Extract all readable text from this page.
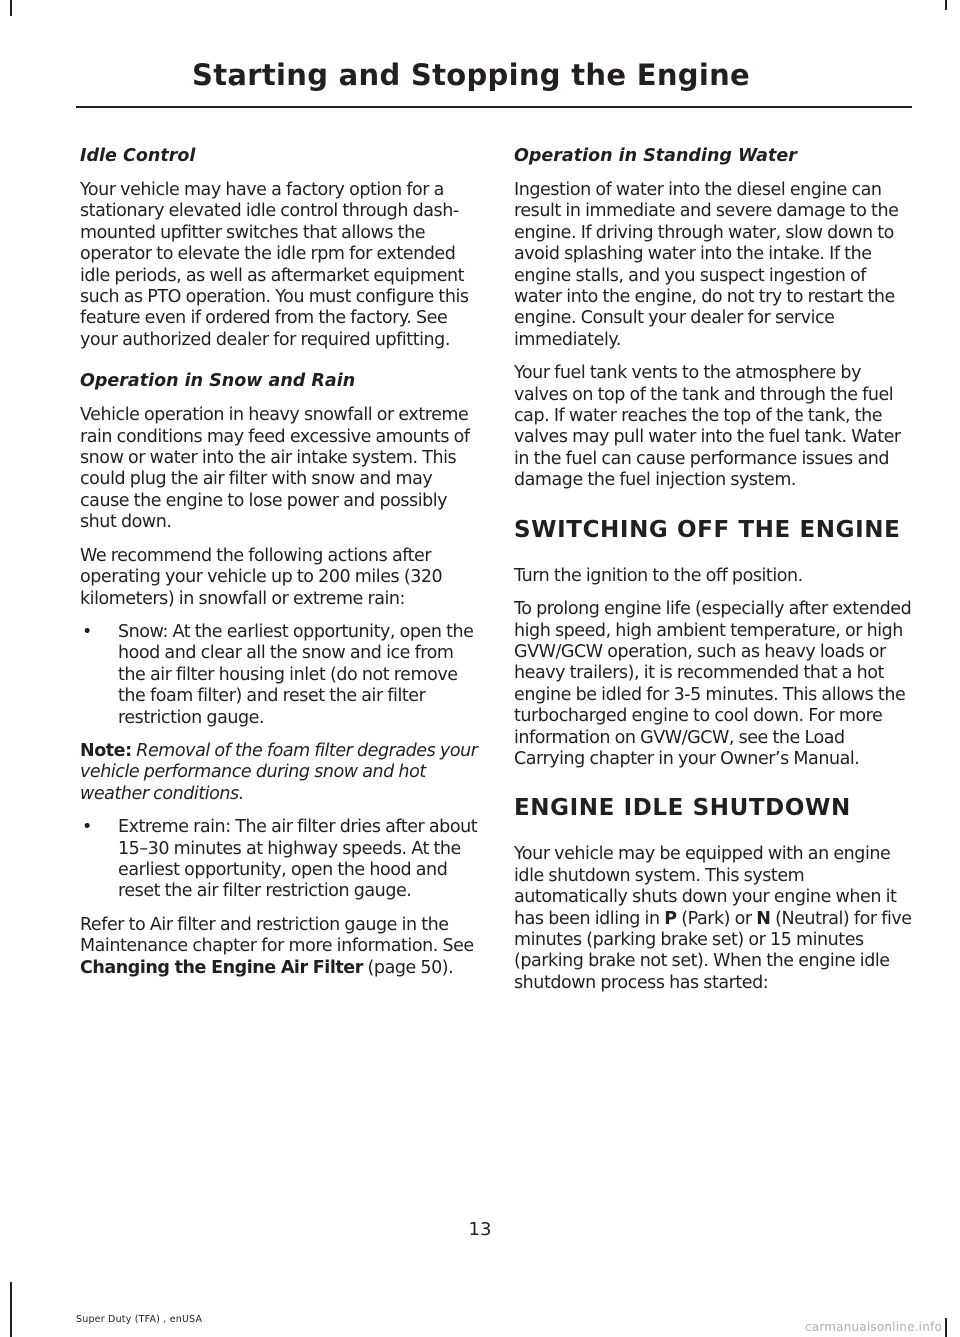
Starting and Stopping the Engine
Idle Control

Your vehicle may have a factory option for a stationary elevated idle control through dash-mounted upfitter switches that allows the operator to elevate the idle rpm for extended idle periods, as well as aftermarket equipment such as PTO operation. You must configure this feature even if ordered from the factory. See your authorized dealer for required upfitting.

Operation in Snow and Rain

Vehicle operation in heavy snowfall or extreme rain conditions may feed excessive amounts of snow or water into the air intake system. This could plug the air filter with snow and may cause the engine to lose power and possibly shut down.

We recommend the following actions after operating your vehicle up to 200 miles (320 kilometers) in snowfall or extreme rain:

•	Snow: At the earliest opportunity, open the hood and clear all the snow and ice from the air filter housing inlet (do not remove the foam filter) and reset the air filter restriction gauge.

Note: Removal of the foam filter degrades your vehicle performance during snow and hot weather conditions.

•	Extreme rain: The air filter dries after about 15–30 minutes at highway speeds. At the earliest opportunity, open the hood and reset the air filter restriction gauge.

Refer to Air filter and restriction gauge in the Maintenance chapter for more information. See Changing the Engine Air Filter (page 50).

Operation in Standing Water

Ingestion of water into the diesel engine can result in immediate and severe damage to the engine. If driving through water, slow down to avoid splashing water into the intake. If the engine stalls, and you suspect ingestion of water into the engine, do not try to restart the engine. Consult your dealer for service immediately.

Your fuel tank vents to the atmosphere by valves on top of the tank and through the fuel cap. If water reaches the top of the tank, the valves may pull water into the fuel tank. Water in the fuel can cause performance issues and damage the fuel injection system.

SWITCHING OFF THE ENGINE

Turn the ignition to the off position.

To prolong engine life (especially after extended high speed, high ambient temperature, or high GVW/GCW operation, such as heavy loads or heavy trailers), it is recommended that a hot engine be idled for 3-5 minutes. This allows the turbocharged engine to cool down. For more information on GVW/GCW, see the Load Carrying chapter in your Owner’s Manual.

ENGINE IDLE SHUTDOWN

Your vehicle may be equipped with an engine idle shutdown system. This system automatically shuts down your engine when it has been idling in P (Park) or N (Neutral) for five minutes (parking brake set) or 15 minutes (parking brake not set). When the engine idle shutdown process has started:

13
Super Duty (TFA) , enUSA
carmanualsonline.info
